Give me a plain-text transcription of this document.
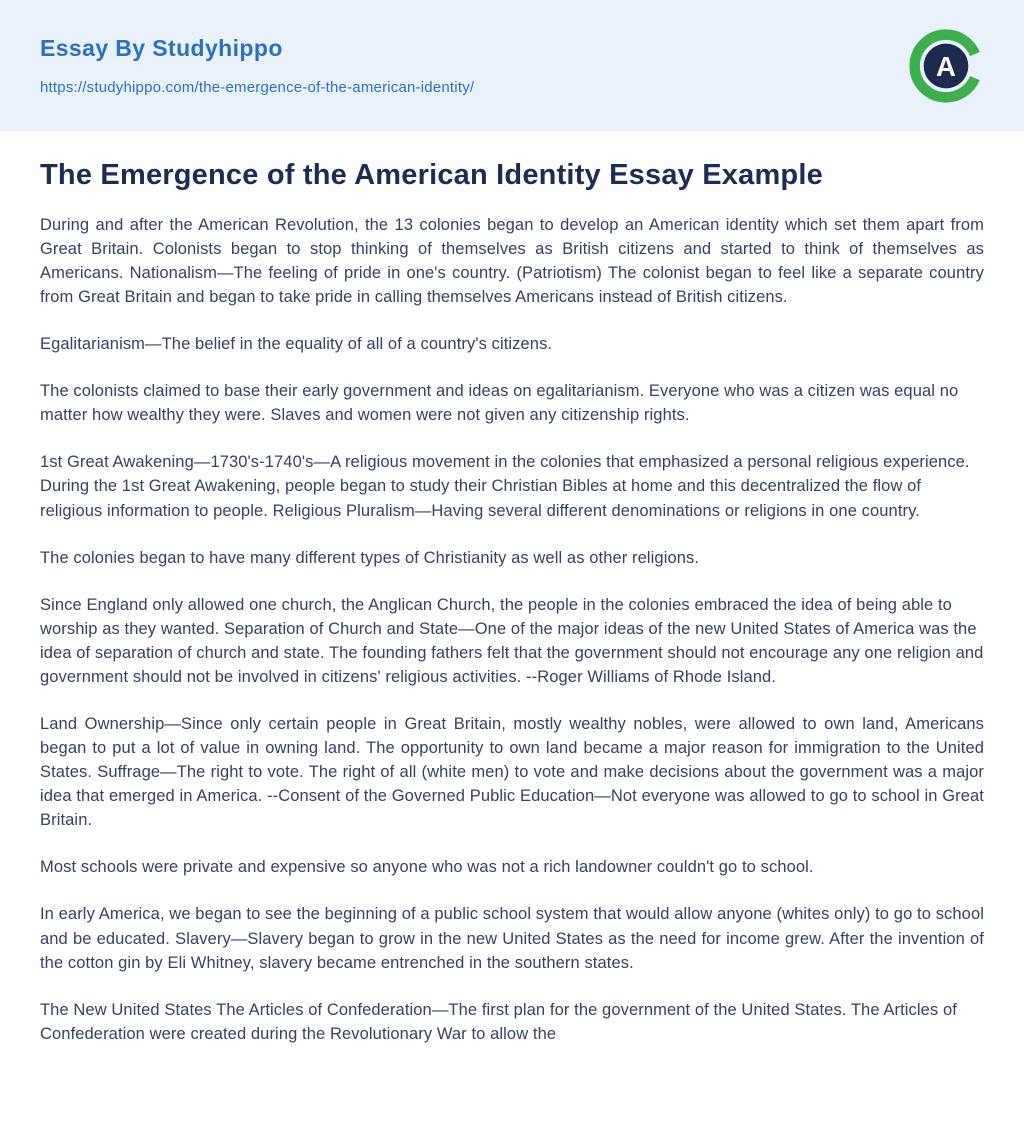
Essay By Studyhippo
https://studyhippo.com/the-emergence-of-the-american-identity/
A
The Emergence of the American Identity Essay Example

During and after the American Revolution, the 13 colonies began to develop an American identity which set them apart from Great Britain. Colonists began to stop thinking of themselves as British citizens and started to think of themselves as Americans. Nationalism—The feeling of pride in one's country. (Patriotism) The colonist began to feel like a separate country from Great Britain and began to take pride in calling themselves Americans instead of British citizens.

Egalitarianism—The belief in the equality of all of a country's citizens.

The colonists claimed to base their early government and ideas on egalitarianism. Everyone who was a citizen was equal no matter how wealthy they were. Slaves and women were not given any citizenship rights.

1st Great Awakening—1730's-1740's—A religious movement in the colonies that emphasized a personal religious experience. During the 1st Great Awakening, people began to study their Christian Bibles at home and this decentralized the flow of religious information to people. Religious Pluralism—Having several different denominations or religions in one country.

The colonies began to have many different types of Christianity as well as other religions.

Since England only allowed one church, the Anglican Church, the people in the colonies embraced the idea of being able to worship as they wanted. Separation of Church and State—One of the major ideas of the new United States of America was the idea of separation of church and state. The founding fathers felt that the government should not encourage any one religion and government should not be involved in citizens' religious activities. --Roger Williams of Rhode Island.

Land Ownership—Since only certain people in Great Britain, mostly wealthy nobles, were allowed to own land, Americans began to put a lot of value in owning land. The opportunity to own land became a major reason for immigration to the United States. Suffrage—The right to vote. The right of all (white men) to vote and make decisions about the government was a major idea that emerged in America. --Consent of the Governed Public Education—Not everyone was allowed to go to school in Great Britain.

Most schools were private and expensive so anyone who was not a rich landowner couldn't go to school.

In early America, we began to see the beginning of a public school system that would allow anyone (whites only) to go to school and be educated. Slavery—Slavery began to grow in the new United States as the need for income grew. After the invention of the cotton gin by Eli Whitney, slavery became entrenched in the southern states.

The New United States The Articles of Confederation—The first plan for the government of the United States. The Articles of Confederation were created during the Revolutionary War to allow the
